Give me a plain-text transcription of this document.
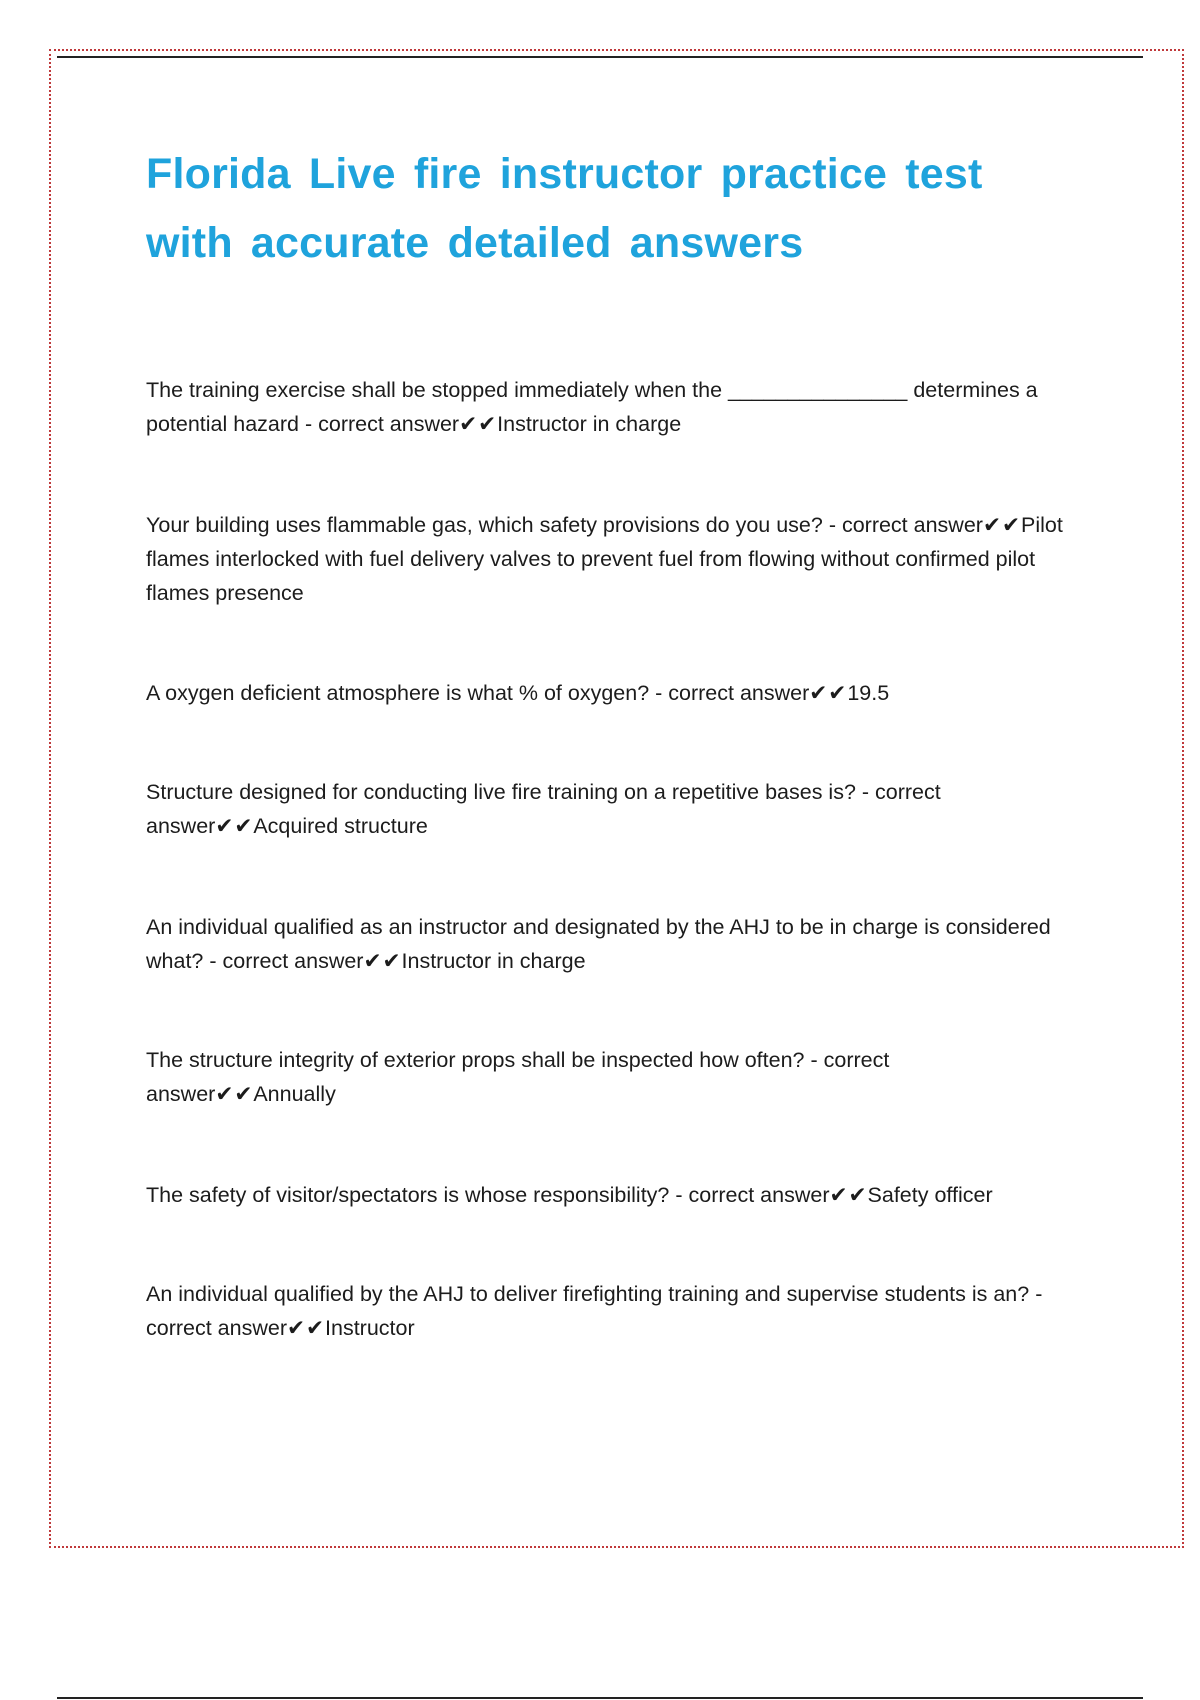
Florida Live fire instructor practice test with accurate detailed answers

The training exercise shall be stopped immediately when the _______________ determines a potential hazard - correct answer✔✔Instructor in charge

Your building uses flammable gas, which safety provisions do you use? - correct answer✔✔Pilot flames interlocked with fuel delivery valves to prevent fuel from flowing without confirmed pilot flames presence

A oxygen deficient atmosphere is what % of oxygen? - correct answer✔✔19.5

Structure designed for conducting live fire training on a repetitive bases is? - correct answer✔✔Acquired structure

An individual qualified as an instructor and designated by the AHJ to be in charge is considered what? - correct answer✔✔Instructor in charge

The structure integrity of exterior props shall be inspected how often? - correct answer✔✔Annually

The safety of visitor/spectators is whose responsibility? - correct answer✔✔Safety officer

An individual qualified by the AHJ to deliver firefighting training and supervise students is an? - correct answer✔✔Instructor
